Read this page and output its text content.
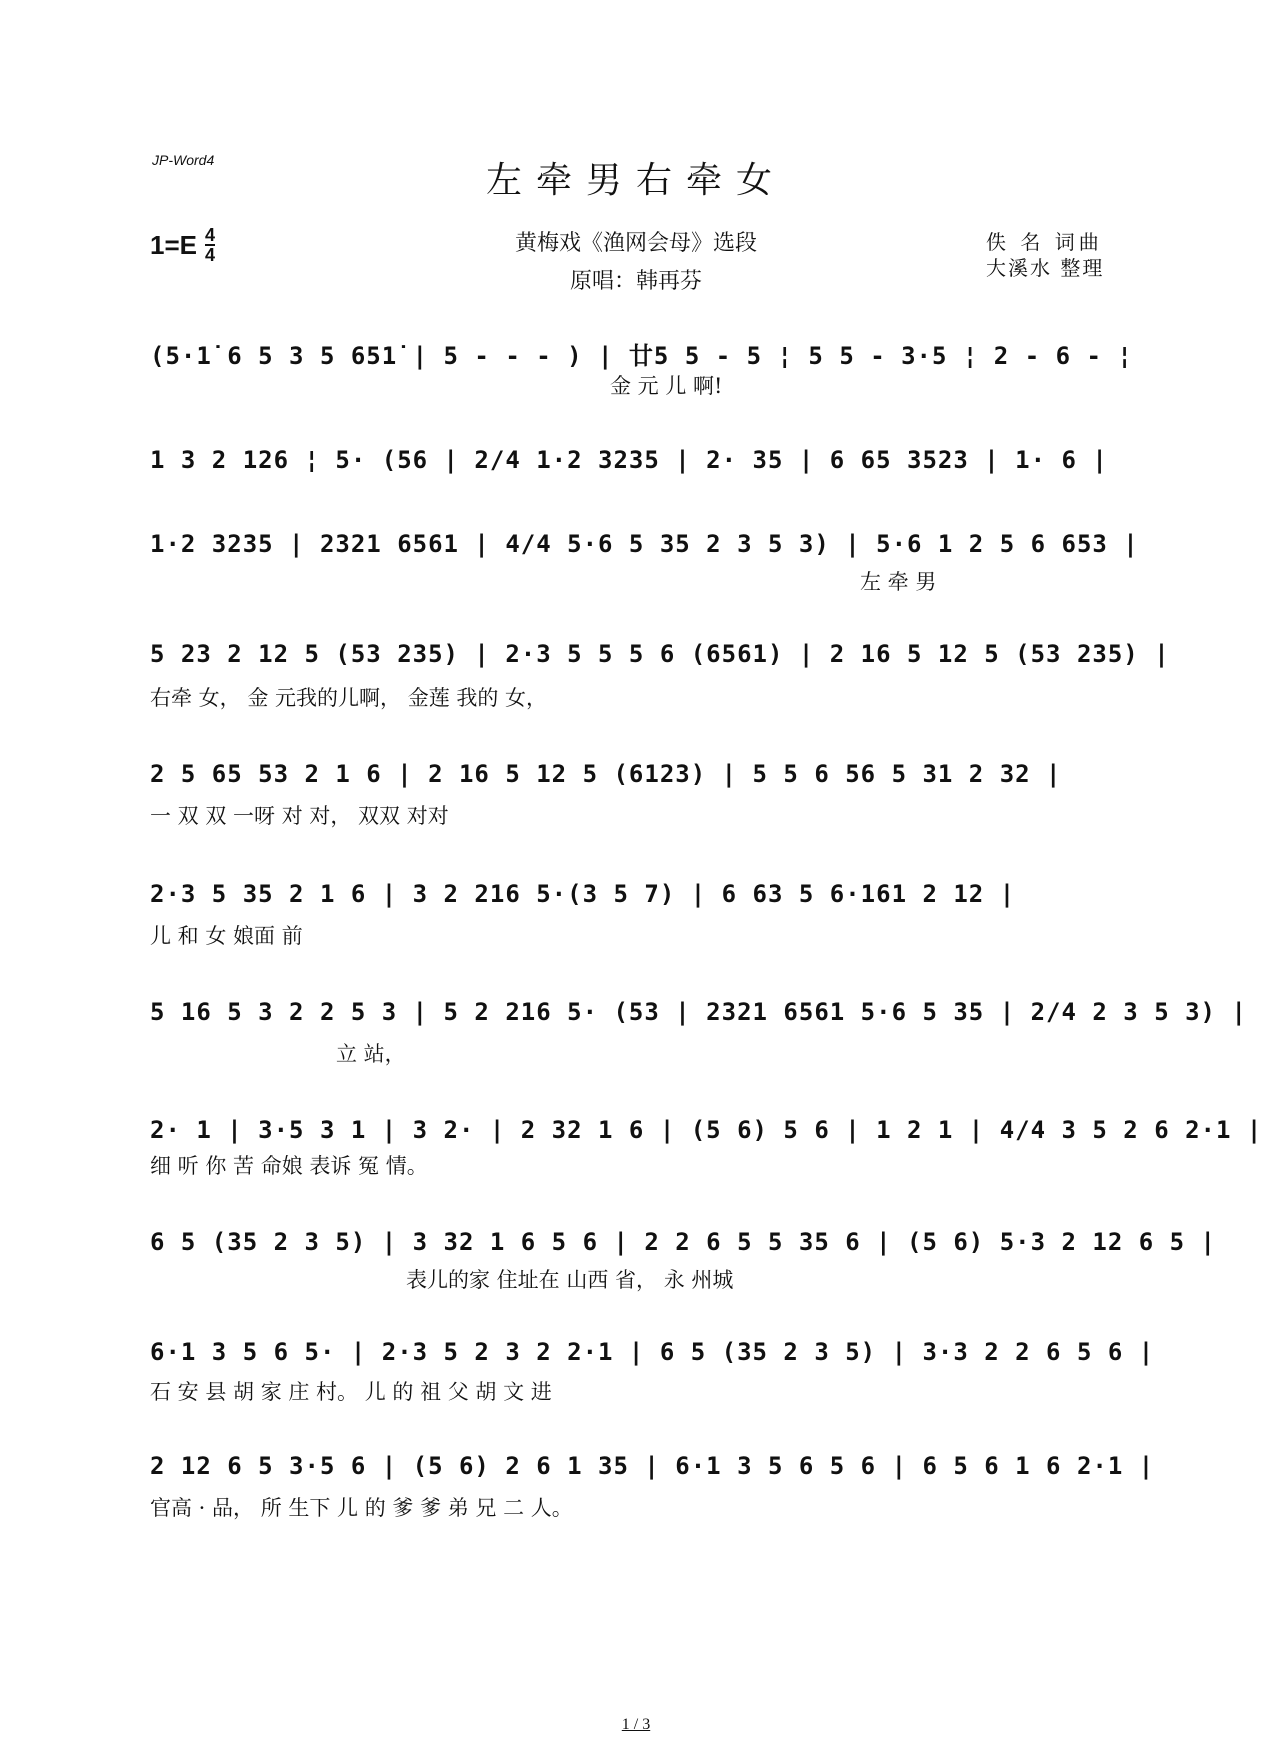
JP-Word4	左牵男右牵女
$1=E \frac{4}{4}$	黄梅戏《渔网会母》选段
原唱：韩再芬
佚 名 词曲
大溪水 整理
(5·1̇ 6 5 3 5 651̇ | 5 - - - ) | 廿5 5 - 5 ¦ 5 5 - 3·5 ¦ 2 - 6 - ¦
金 元 儿 啊!
1 3 2 126 ¦ 5· (56 | 2/4 1·2 3235 | 2· 35 | 6 65 3523 | 1· 6 |
1·2 3235 | 2321 6561 | 4/4 5·6 5 35 2 3 5 3) | 5·6 1 2 5 6 653 |
左 牵 男
5 23 2 12 5 (53 235) | 2·3 5 5 5 6 (6561) | 2 16 5 12 5 (53 235) |
右牵 女， 金 元我的儿啊， 金莲 我的 女，
2 5 65 53 2 1 6 | 2 16 5 12 5 (6123) | 5 5 6 56 5 31 2 32 |
一 双 双 一呀 对 对， 双双 对对
2·3 5 35 2 1 6 | 3 2 216 5·(3 5 7) | 6 63 5 6·161 2 12 |
儿 和 女 娘面 前
5 16 5 3 2 2 5 3 | 5 2 216 5· (53 | 2321 6561 5·6 5 35 | 2/4 2 3 5 3) |
立 站，
2· 1 | 3·5 3 1 | 3 2· | 2 32 1 6 | (5 6) 5 6 | 1 2 1 | 4/4 3 5 2 6 2·1 |
细 听 你 苦 命娘 表诉 冤 情。
6 5 (35 2 3 5) | 3 32 1 6 5 6 | 2 2 6 5 5 35 6 | (5 6) 5·3 2 12 6 5 |
表儿的家 住址在 山西 省， 永 州城
6·1 3 5 6 5· | 2·3 5 2 3 2 2·1 | 6 5 (35 2 3 5) | 3·3 2 2 6 5 6 |
石 安 县 胡 家 庄 村。 儿 的 祖 父 胡 文 进
2 12 6 5 3·5 6 | (5 6) 2 6 1 35 | 6·1 3 5 6 5 6 | 6 5 6 1 6 2·1 |
官高 · 品， 所 生下 儿 的 爹 爹 弟 兄 二 人。
1 / 3
